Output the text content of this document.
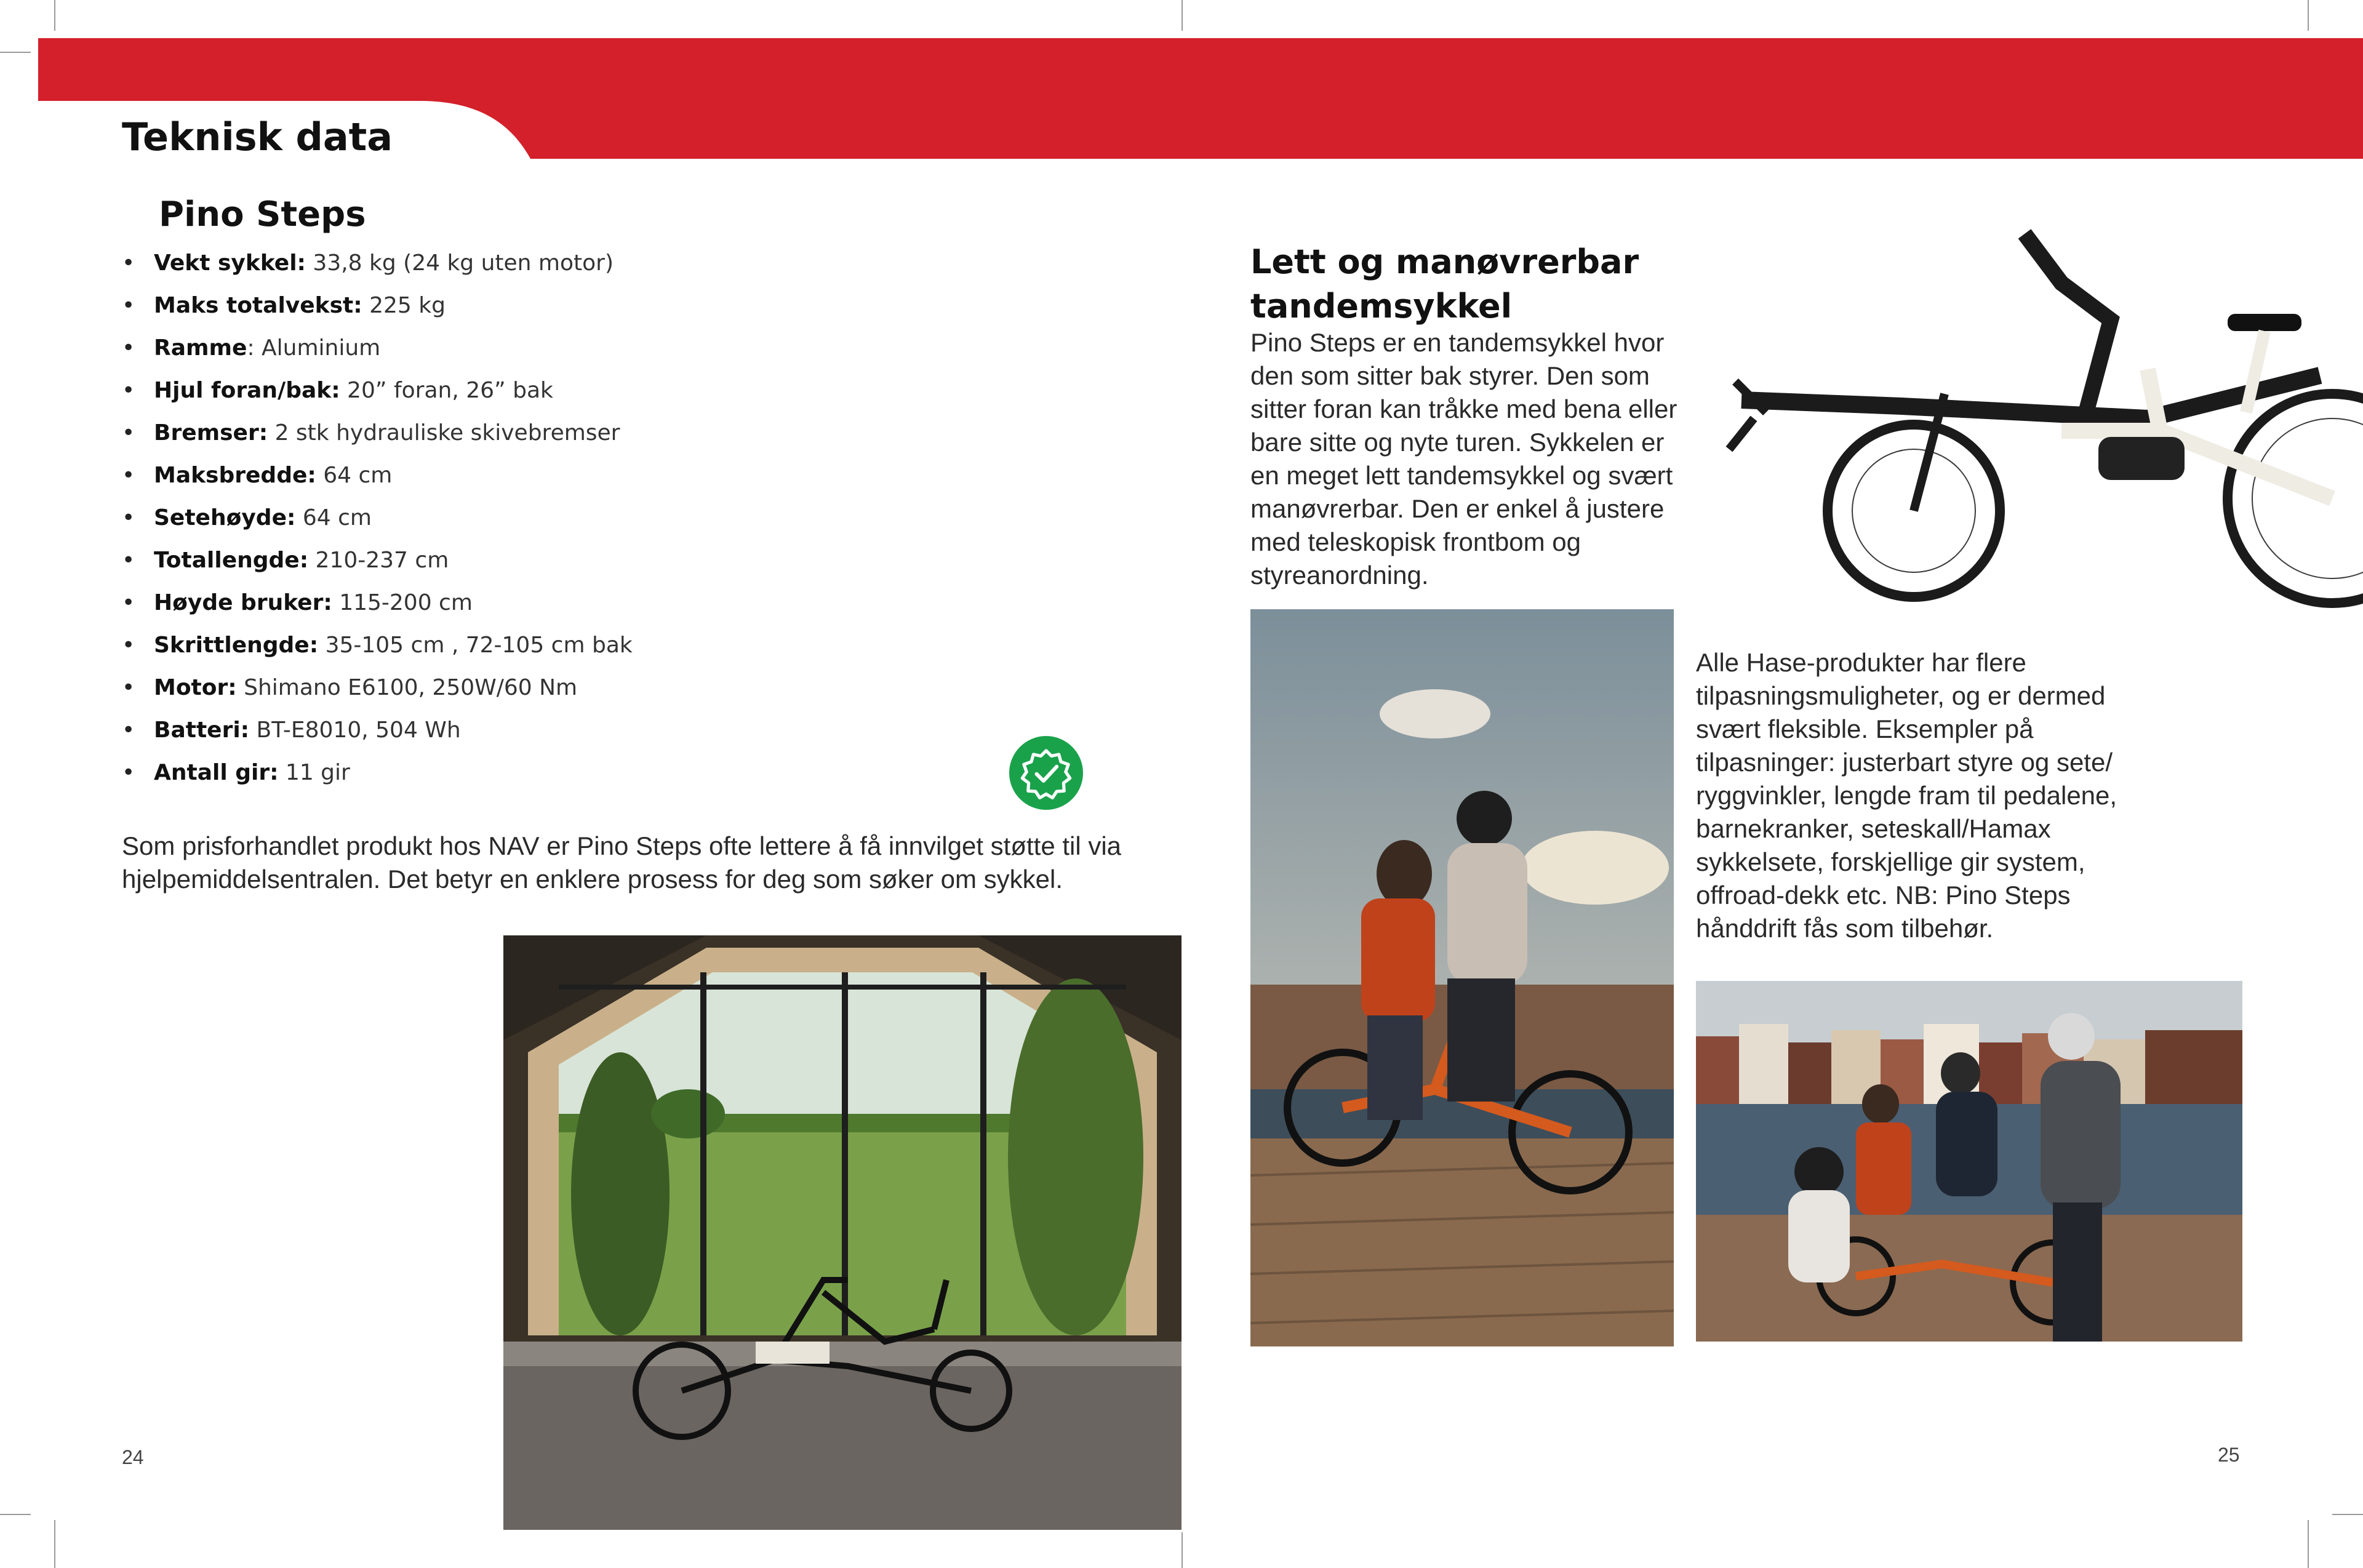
Teknisk data
Pino Steps
• Vekt sykkel: 33,8 kg (24 kg uten motor)
• Maks totalvekst: 225 kg
• Ramme: Aluminium
• Hjul foran/bak: 20” foran, 26” bak
• Bremser: 2 stk hydrauliske skivebremser
• Maksbredde: 64 cm
• Setehøyde: 64 cm
• Totallengde: 210-237 cm
• Høyde bruker: 115-200 cm
• Skrittlengde: 35-105 cm , 72-105 cm bak
• Motor: Shimano E6100, 250W/60 Nm
• Batteri: BT-E8010, 504 Wh
• Antall gir: 11 gir
Som prisforhandlet produkt hos NAV er Pino Steps ofte lettere å få innvilget støtte til via hjelpemiddelsentralen. Det betyr en enklere prosess for deg som søker om sykkel.
Lett og manøvrerbar tandemsykkel
Pino Steps er en tandemsykkel hvor den som sitter bak styrer. Den som sitter foran kan tråkke med bena eller bare sitte og nyte turen. Sykkelen er en meget lett tandemsykkel og svært manøvrerbar. Den er enkel å justere med teleskopisk frontbom og styreanordning.
Alle Hase-produkter har flere tilpasningsmuligheter, og er dermed svært fleksible. Eksempler på tilpasninger: justerbart styre og sete/ ryggvinkler, lengde fram til pedalene, barnekranker, seteskall/Hamax sykkelsete, forskjellige gir system, offroad-dekk etc. NB: Pino Steps hånddrift fås som tilbehør.
24	25
